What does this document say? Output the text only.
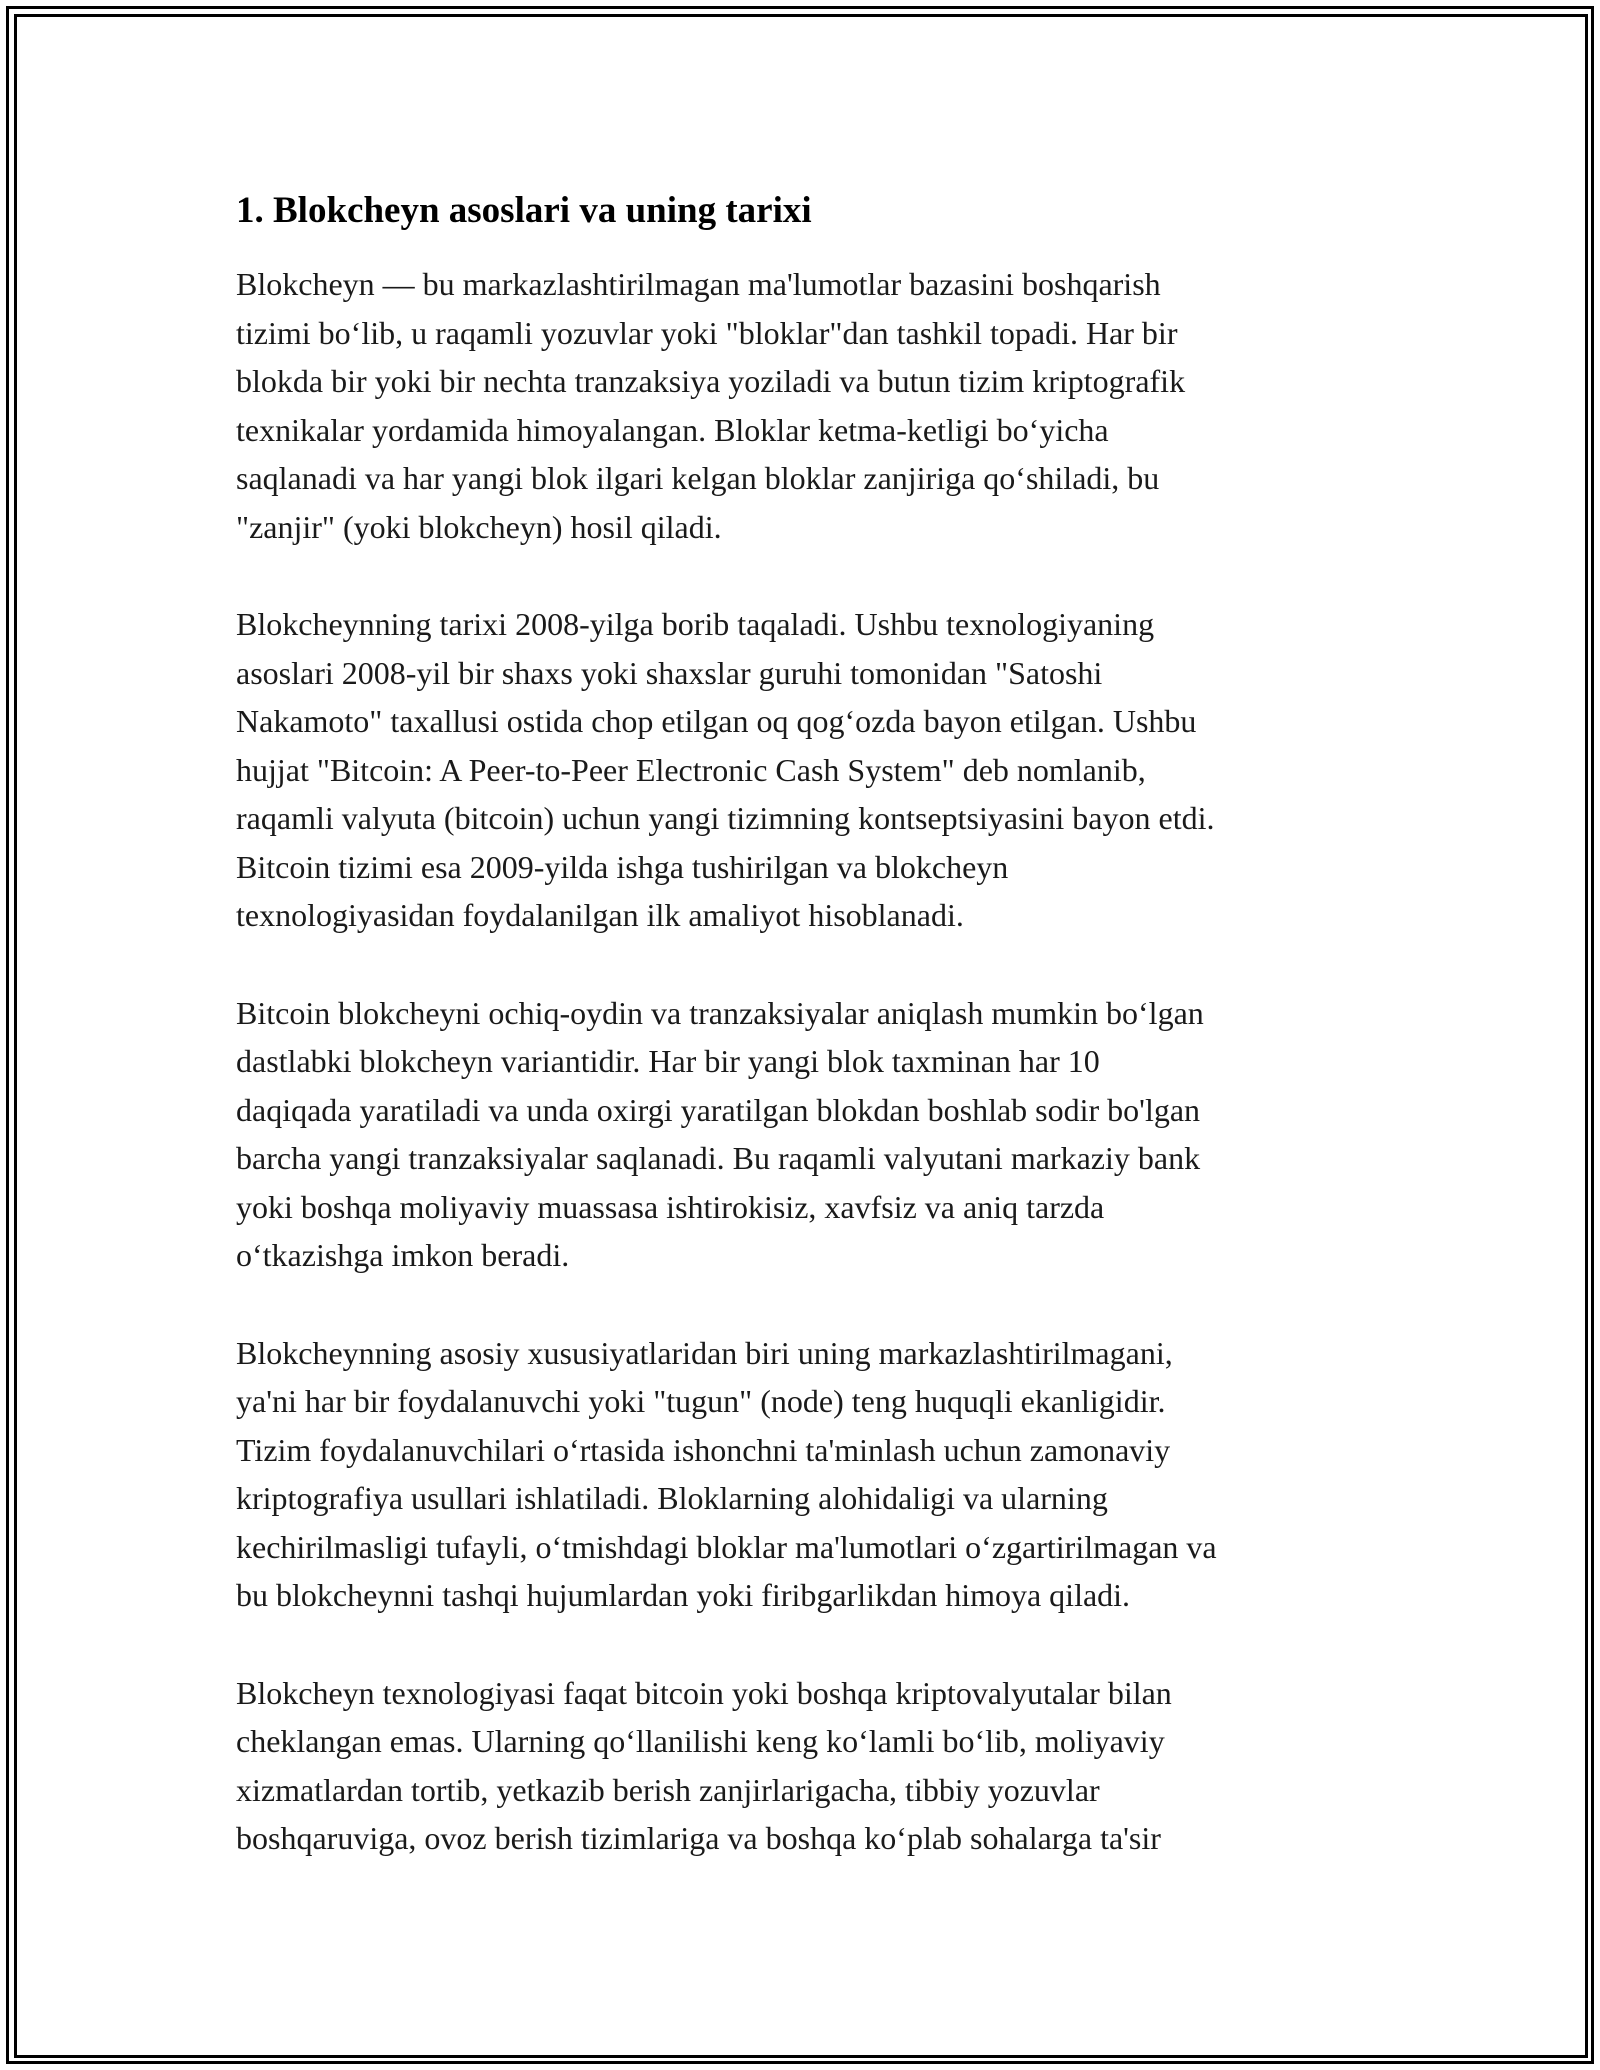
1. Blokcheyn asoslari va uning tarixi

Blokcheyn — bu markazlashtirilmagan ma'lumotlar bazasini boshqarish
tizimi bo‘lib, u raqamli yozuvlar yoki "bloklar"dan tashkil topadi. Har bir
blokda bir yoki bir nechta tranzaksiya yoziladi va butun tizim kriptografik
texnikalar yordamida himoyalangan. Bloklar ketma-ketligi bo‘yicha
saqlanadi va har yangi blok ilgari kelgan bloklar zanjiriga qo‘shiladi, bu
"zanjir" (yoki blokcheyn) hosil qiladi.

Blokcheynning tarixi 2008-yilga borib taqaladi. Ushbu texnologiyaning
asoslari 2008-yil bir shaxs yoki shaxslar guruhi tomonidan "Satoshi
Nakamoto" taxallusi ostida chop etilgan oq qog‘ozda bayon etilgan. Ushbu
hujjat "Bitcoin: A Peer-to-Peer Electronic Cash System" deb nomlanib,
raqamli valyuta (bitcoin) uchun yangi tizimning kontseptsiyasini bayon etdi.
Bitcoin tizimi esa 2009-yilda ishga tushirilgan va blokcheyn
texnologiyasidan foydalanilgan ilk amaliyot hisoblanadi.

Bitcoin blokcheyni ochiq-oydin va tranzaksiyalar aniqlash mumkin bo‘lgan
dastlabki blokcheyn variantidir. Har bir yangi blok taxminan har 10
daqiqada yaratiladi va unda oxirgi yaratilgan blokdan boshlab sodir bo'lgan
barcha yangi tranzaksiyalar saqlanadi. Bu raqamli valyutani markaziy bank
yoki boshqa moliyaviy muassasa ishtirokisiz, xavfsiz va aniq tarzda
o‘tkazishga imkon beradi.

Blokcheynning asosiy xususiyatlaridan biri uning markazlashtirilmagani,
ya'ni har bir foydalanuvchi yoki "tugun" (node) teng huquqli ekanligidir.
Tizim foydalanuvchilari o‘rtasida ishonchni ta'minlash uchun zamonaviy
kriptografiya usullari ishlatiladi. Bloklarning alohidaligi va ularning
kechirilmasligi tufayli, o‘tmishdagi bloklar ma'lumotlari o‘zgartirilmagan va
bu blokcheynni tashqi hujumlardan yoki firibgarlikdan himoya qiladi.

Blokcheyn texnologiyasi faqat bitcoin yoki boshqa kriptovalyutalar bilan
cheklangan emas. Ularning qo‘llanilishi keng ko‘lamli bo‘lib, moliyaviy
xizmatlardan tortib, yetkazib berish zanjirlarigacha, tibbiy yozuvlar
boshqaruviga, ovoz berish tizimlariga va boshqa ko‘plab sohalarga ta'sir
